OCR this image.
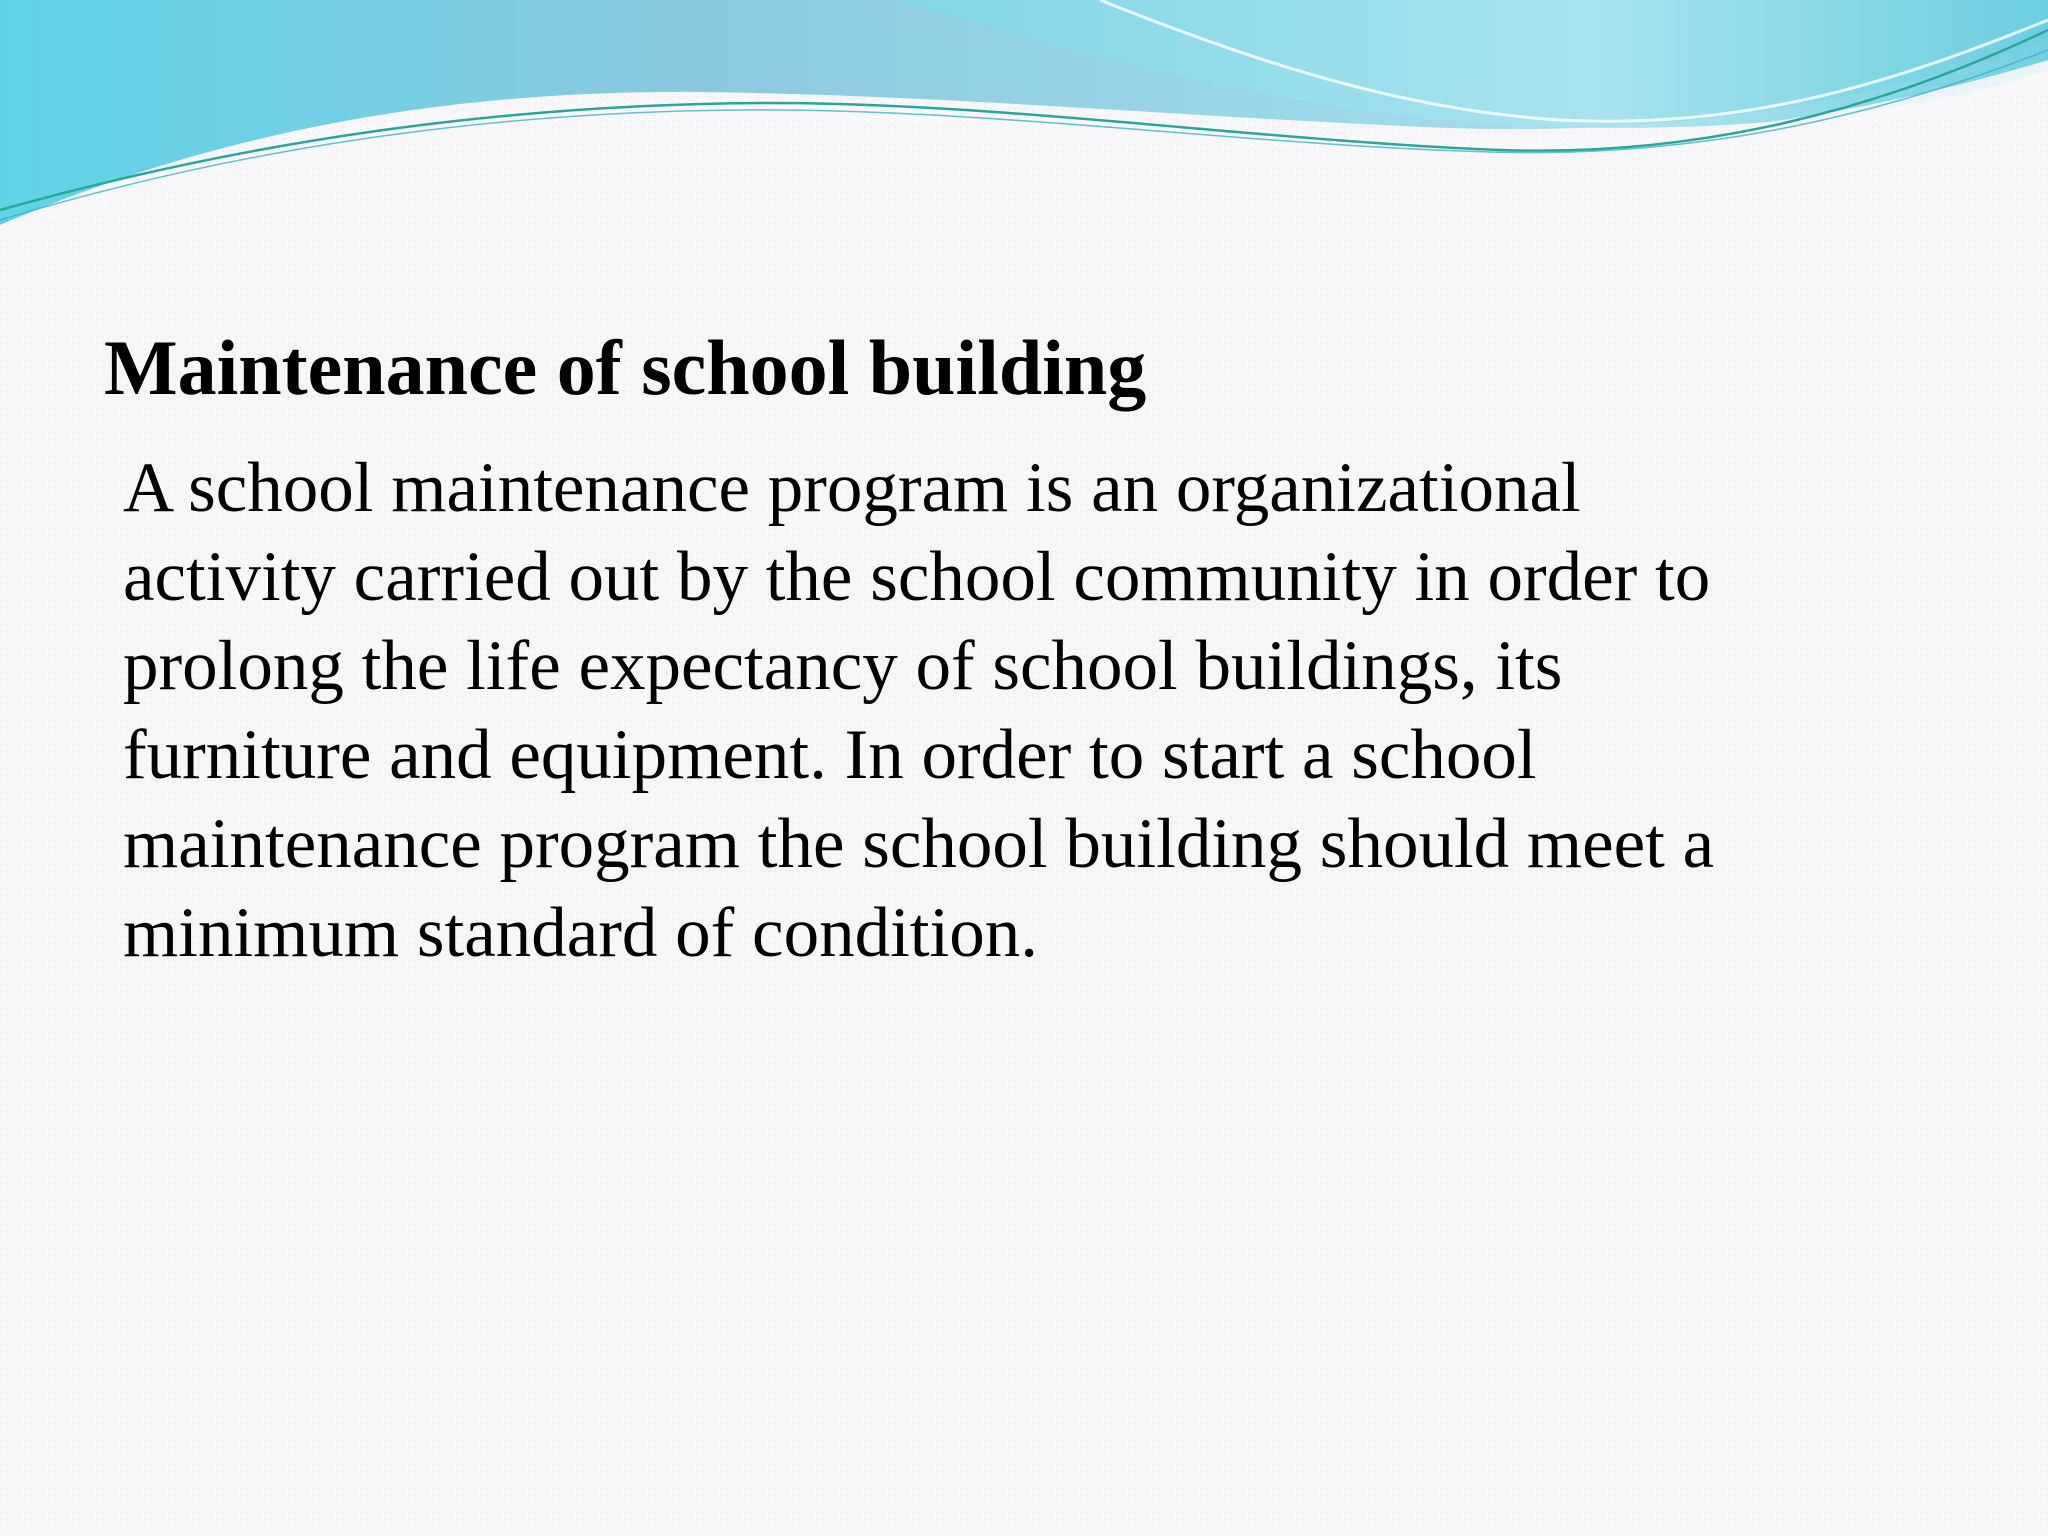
Maintenance of school building
A school maintenance program is an organizational
activity carried out by the school community in order to
prolong the life expectancy of school buildings, its
furniture and equipment. In order to start a school
maintenance program the school building should meet a
minimum standard of condition.
